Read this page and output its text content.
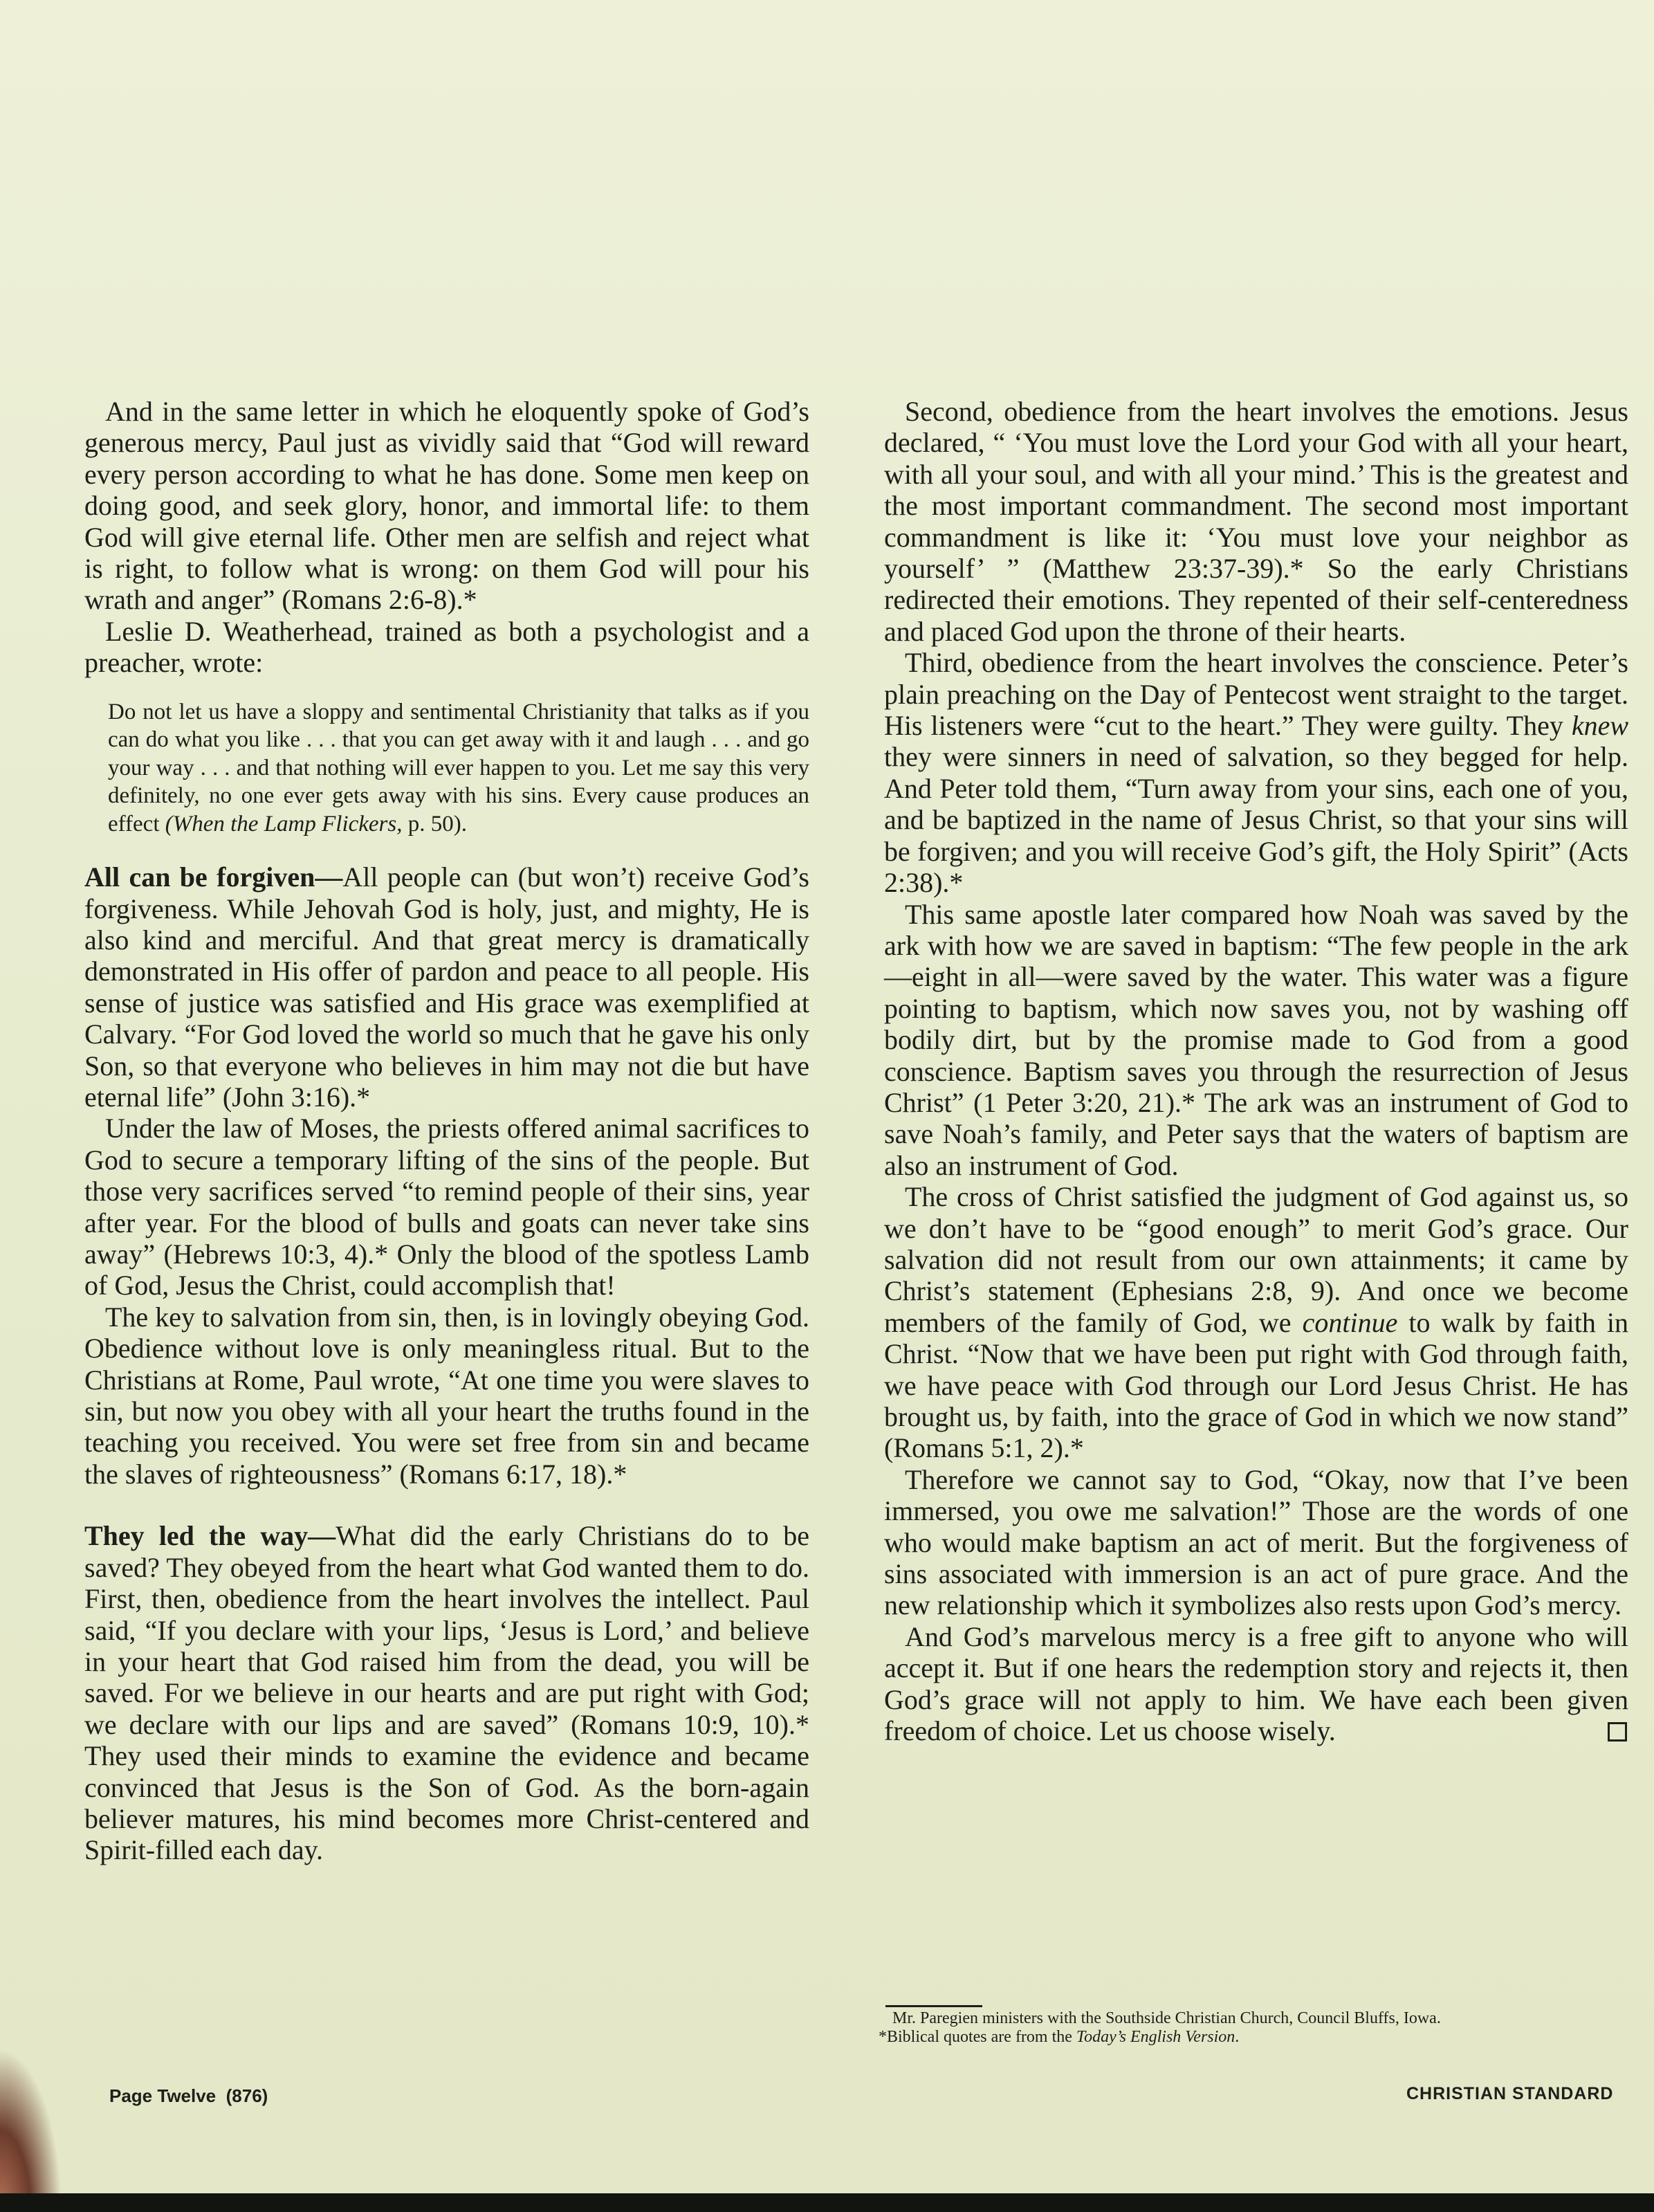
And in the same letter in which he eloquently spoke of God’s generous mercy, Paul just as vividly said that “God will reward every person according to what he has done. Some men keep on doing good, and seek glory, honor, and immortal life: to them God will give eternal life. Other men are selfish and reject what is right, to follow what is wrong: on them God will pour his wrath and anger” (Romans 2:6-8).*

Leslie D. Weatherhead, trained as both a psychologist and a preacher, wrote:

Do not let us have a sloppy and sentimental Christianity that talks as if you can do what you like . . . that you can get away with it and laugh . . . and go your way . . . and that nothing will ever happen to you. Let me say this very definitely, no one ever gets away with his sins. Every cause produces an effect (When the Lamp Flickers, p. 50).

All can be forgiven—All people can (but won’t) receive God’s forgiveness. While Jehovah God is holy, just, and mighty, He is also kind and merciful. And that great mercy is dramatically demonstrated in His offer of pardon and peace to all people. His sense of justice was satisfied and His grace was exemplified at Calvary. “For God loved the world so much that he gave his only Son, so that everyone who believes in him may not die but have eternal life” (John 3:16).*

Under the law of Moses, the priests offered animal sacrifices to God to secure a temporary lifting of the sins of the people. But those very sacrifices served “to remind people of their sins, year after year. For the blood of bulls and goats can never take sins away” (Hebrews 10:3, 4).* Only the blood of the spotless Lamb of God, Jesus the Christ, could accomplish that!

The key to salvation from sin, then, is in lovingly obeying God. Obedience without love is only meaningless ritual. But to the Christians at Rome, Paul wrote, “At one time you were slaves to sin, but now you obey with all your heart the truths found in the teaching you received. You were set free from sin and became the slaves of righteousness” (Romans 6:17, 18).*

They led the way—What did the early Christians do to be saved? They obeyed from the heart what God wanted them to do. First, then, obedience from the heart involves the intellect. Paul said, “If you declare with your lips, ‘Jesus is Lord,’ and believe in your heart that God raised him from the dead, you will be saved. For we believe in our hearts and are put right with God; we declare with our lips and are saved” (Romans 10:9, 10).* They used their minds to examine the evidence and became convinced that Jesus is the Son of God. As the born-again believer matures, his mind becomes more Christ-centered and Spirit-filled each day.

Second, obedience from the heart involves the emotions. Jesus declared, “ ‘You must love the Lord your God with all your heart, with all your soul, and with all your mind.’ This is the greatest and the most important commandment. The second most important commandment is like it: ‘You must love your neighbor as yourself’ ” (Matthew 23:37-39).* So the early Christians redirected their emotions. They repented of their self-centeredness and placed God upon the throne of their hearts.

Third, obedience from the heart involves the conscience. Peter’s plain preaching on the Day of Pentecost went straight to the target. His listeners were “cut to the heart.” They were guilty. They knew they were sinners in need of salvation, so they begged for help. And Peter told them, “Turn away from your sins, each one of you, and be baptized in the name of Jesus Christ, so that your sins will be forgiven; and you will receive God’s gift, the Holy Spirit” (Acts 2:38).*

This same apostle later compared how Noah was saved by the ark with how we are saved in baptism: “The few people in the ark—eight in all—were saved by the water. This water was a figure pointing to baptism, which now saves you, not by washing off bodily dirt, but by the promise made to God from a good conscience. Baptism saves you through the resurrection of Jesus Christ” (1 Peter 3:20, 21).* The ark was an instrument of God to save Noah’s family, and Peter says that the waters of baptism are also an instrument of God.

The cross of Christ satisfied the judgment of God against us, so we don’t have to be “good enough” to merit God’s grace. Our salvation did not result from our own attainments; it came by Christ’s statement (Ephesians 2:8, 9). And once we become members of the family of God, we continue to walk by faith in Christ. “Now that we have been put right with God through faith, we have peace with God through our Lord Jesus Christ. He has brought us, by faith, into the grace of God in which we now stand” (Romans 5:1, 2).*

Therefore we cannot say to God, “Okay, now that I’ve been immersed, you owe me salvation!” Those are the words of one who would make baptism an act of merit. But the forgiveness of sins associated with immersion is an act of pure grace. And the new relationship which it symbolizes also rests upon God’s mercy.

And God’s marvelous mercy is a free gift to anyone who will accept it. But if one hears the redemption story and rejects it, then God’s grace will not apply to him. We have each been given freedom of choice. Let us choose wisely.

Mr. Paregien ministers with the Southside Christian Church, Council Bluffs, Iowa.

*Biblical quotes are from the Today’s English Version.

Page Twelve (876)	CHRISTIAN STANDARD
